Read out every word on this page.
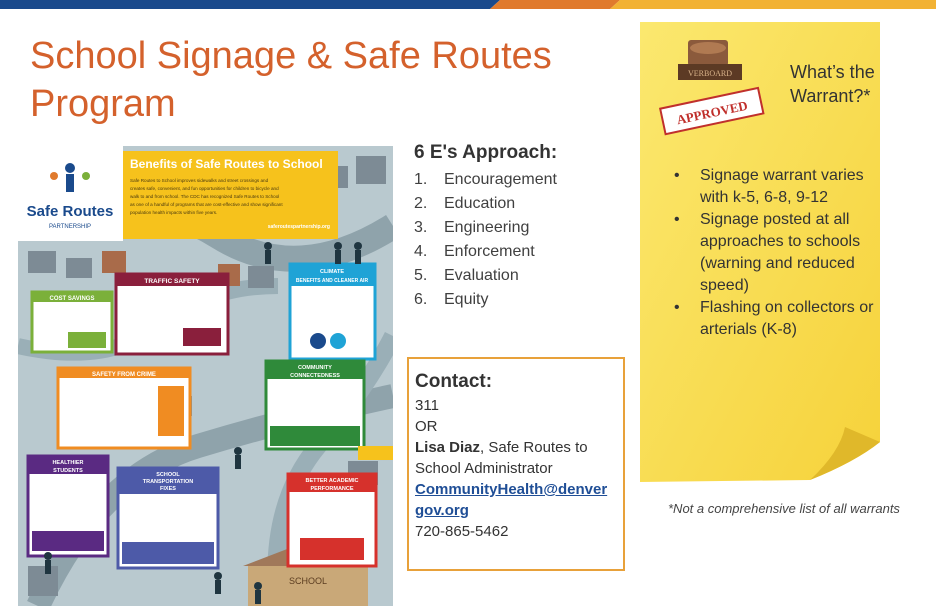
School Signage & Safe Routes Program
SCHOOL
Safe Routes
PARTNERSHIP
Benefits of Safe Routes to School
Safe Routes to School improves sidewalks and street crossings and
creates safe, convenient, and fun opportunities for children to bicycle and
walk to and from school. The CDC has recognized Safe Routes to School
as one of a handful of programs that are cost-effective and show significant
population health impacts within five years.
saferoutespartnership.org
TRAFFIC SAFETY
CLIMATE
BENEFITS AND CLEANER AIR
COST SAVINGS
SAFETY FROM CRIME
COMMUNITY
CONNECTEDNESS
HEALTHIER
STUDENTS
SCHOOL
TRANSPORTATION
FIXES
BETTER ACADEMIC
PERFORMANCE
6 E's Approach:
1. Encouragement
2. Education
3. Engineering
4. Enforcement
5. Evaluation
6. Equity
Contact:
311
OR
Lisa Diaz, Safe Routes to School Administrator
CommunityHealth@denvergov.org
720-865-5462
VERBOARD
APPROVED
What’s the Warrant?*
• Signage warrant varies with k-5, 6-8, 9-12
• Signage posted at all approaches to schools (warning and reduced speed)
• Flashing on collectors or arterials (K-8)
*Not a comprehensive list of all warrants
